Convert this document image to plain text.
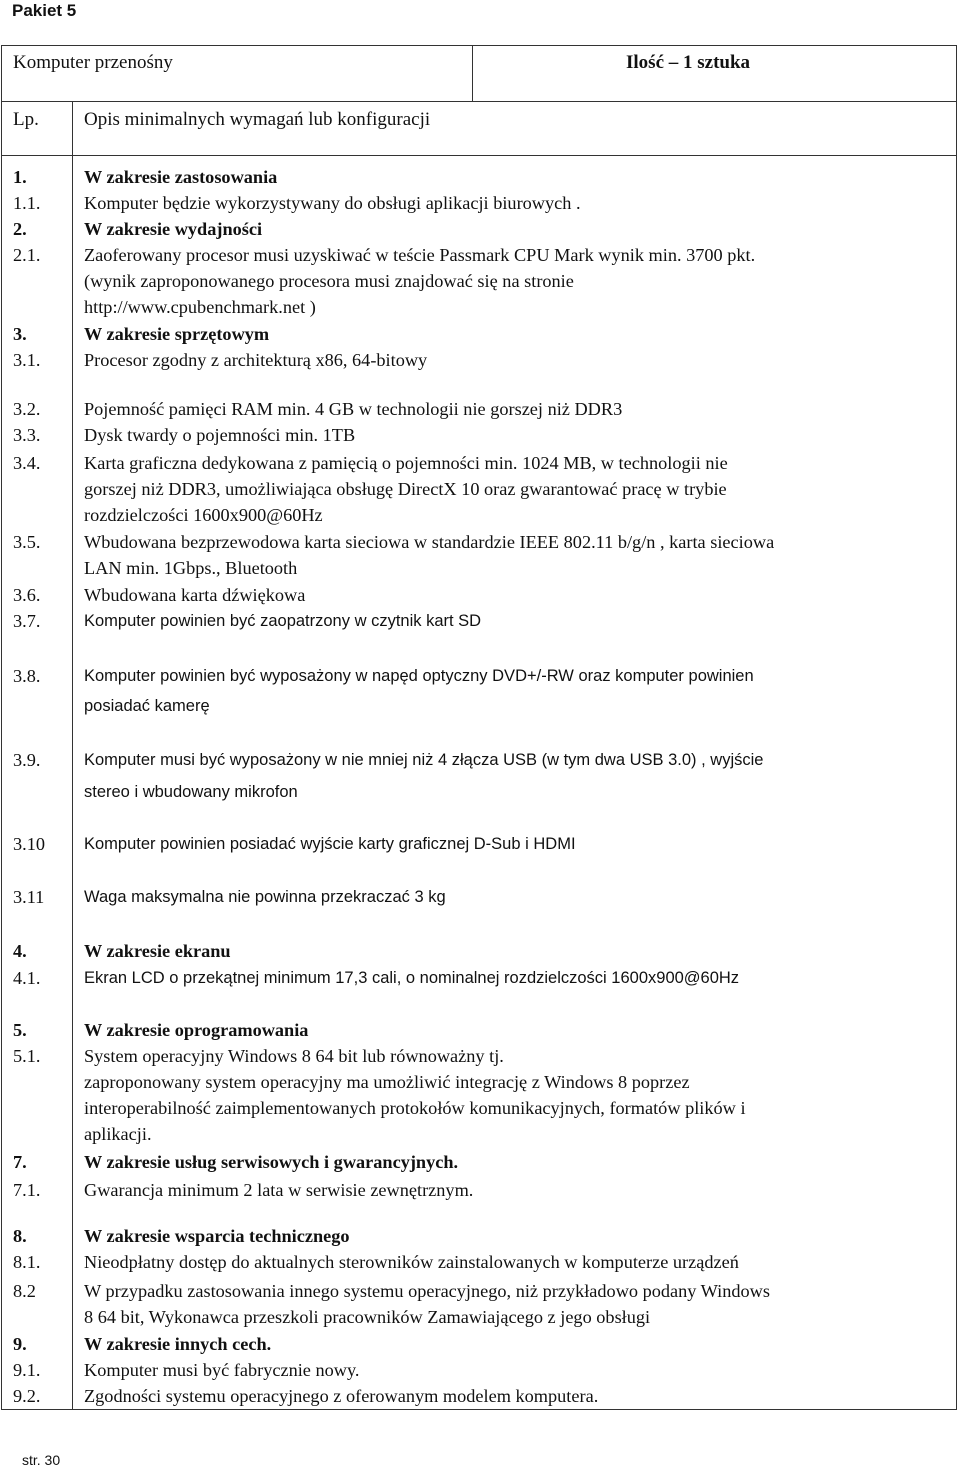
Pakiet 5
Komputer przenośny	Ilość – 1 sztuka
Lp. Opis minimalnych wymagań lub konfiguracji
1.	W zakresie zastosowania
1.1. Komputer będzie wykorzystywany do obsługi aplikacji biurowych .
2.	W zakresie wydajności
2.1. Zaoferowany procesor musi uzyskiwać w teście Passmark CPU Mark wynik min. 3700 pkt.
(wynik zaproponowanego procesora musi znajdować się na stronie
http://www.cpubenchmark.net )
3.	W zakresie sprzętowym
3.1. Procesor zgodny z architekturą x86, 64-bitowy
3.2. Pojemność pamięci RAM min. 4 GB w technologii nie gorszej niż DDR3
3.3. Dysk twardy o pojemności min. 1TB
3.4. Karta graficzna dedykowana z pamięcią o pojemności min. 1024 MB, w technologii nie
gorszej niż DDR3, umożliwiająca obsługę DirectX 10 oraz gwarantować pracę w trybie
rozdzielczości 1600x900@60Hz
3.5. Wbudowana bezprzewodowa karta sieciowa w standardzie IEEE 802.11 b/g/n , karta sieciowa
LAN min. 1Gbps., Bluetooth
3.6. Wbudowana karta dźwiękowa
3.7.	Komputer powinien być zaopatrzony w czytnik kart SD
3.8.	Komputer powinien być wyposażony w napęd optyczny DVD+/-RW oraz komputer powinien
posiadać kamerę
3.9.	Komputer musi być wyposażony w nie mniej niż 4 złącza USB (w tym dwa USB 3.0) , wyjście
stereo i wbudowany mikrofon
3.10 Komputer powinien posiadać wyjście karty graficznej D-Sub i HDMI
3.11 Waga maksymalna nie powinna przekraczać 3 kg
4.	W zakresie ekranu
4.1.	Ekran LCD o przekątnej minimum 17,3 cali, o nominalnej rozdzielczości 1600x900@60Hz
5.	W zakresie oprogramowania
5.1. System operacyjny Windows 8 64 bit lub równoważny tj.
zaproponowany system operacyjny ma umożliwić integrację z Windows 8 poprzez
interoperabilność zaimplementowanych protokołów komunikacyjnych, formatów plików i
aplikacji.
7.	W zakresie usług serwisowych i gwarancyjnych.
7.1. Gwarancja minimum 2 lata w serwisie zewnętrznym.
8.	W zakresie wsparcia technicznego
8.1. Nieodpłatny dostęp do aktualnych sterowników zainstalowanych w komputerze urządzeń
8.2	W przypadku zastosowania innego systemu operacyjnego, niż przykładowo podany Windows
8 64 bit, Wykonawca przeszkoli pracowników Zamawiającego z jego obsługi
9.	W zakresie innych cech.
9.1. Komputer musi być fabrycznie nowy.
9.2. Zgodności systemu operacyjnego z oferowanym modelem komputera.
str. 30
